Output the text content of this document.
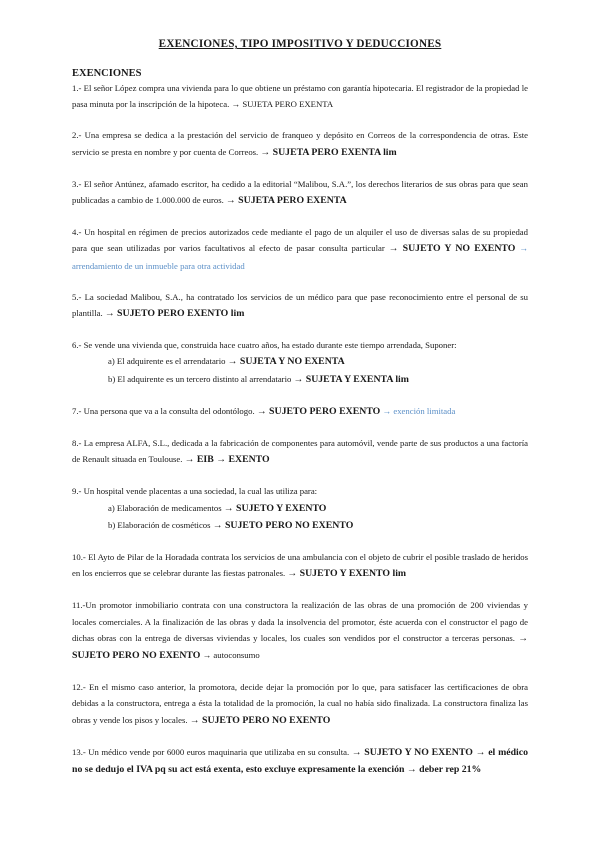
EXENCIONES, TIPO IMPOSITIVO Y DEDUCCIONES
EXENCIONES

1.- El señor López compra una vivienda para lo que obtiene un préstamo con garantía hipotecaria. El registrador de la propiedad le pasa minuta por la inscripción de la hipoteca. → SUJETA PERO EXENTA

2.- Una empresa se dedica a la prestación del servicio de franqueo y depósito en Correos de la correspondencia de otras. Este servicio se presta en nombre y por cuenta de Correos. → SUJETA PERO EXENTA lim

3.- El señor Antúnez, afamado escritor, ha cedido a la editorial “Malibou, S.A.”, los derechos literarios de sus obras para que sean publicadas a cambio de 1.000.000 de euros. → SUJETA PERO EXENTA

4.- Un hospital en régimen de precios autorizados cede mediante el pago de un alquiler el uso de diversas salas de su propiedad para que sean utilizadas por varios facultativos al efecto de pasar consulta particular → SUJETO Y NO EXENTO → arrendamiento de un inmueble para otra actividad

5.- La sociedad Malibou, S.A., ha contratado los servicios de un médico para que pase reconocimiento entre el personal de su plantilla. → SUJETO PERO EXENTO lim

6.- Se vende una vivienda que, construida hace cuatro años, ha estado durante este tiempo arrendada, Suponer:

a) El adquirente es el arrendatario → SUJETA Y NO EXENTA

b) El adquirente es un tercero distinto al arrendatario → SUJETA Y EXENTA lim

7.- Una persona que va a la consulta del odontólogo. → SUJETO PERO EXENTO → exención limitada

8.- La empresa ALFA, S.L., dedicada a la fabricación de componentes para automóvil, vende parte de sus productos a una factoría de Renault situada en Toulouse. → EIB → EXENTO

9.- Un hospital vende placentas a una sociedad, la cual las utiliza para:

a) Elaboración de medicamentos → SUJETO Y EXENTO

b) Elaboración de cosméticos → SUJETO PERO NO EXENTO

10.- El Ayto de Pilar de la Horadada contrata los servicios de una ambulancia con el objeto de cubrir el posible traslado de heridos en los encierros que se celebrar durante las fiestas patronales. → SUJETO Y EXENTO lim

11.-Un promotor inmobiliario contrata con una constructora la realización de las obras de una promoción de 200 viviendas y locales comerciales. A la finalización de las obras y dada la insolvencia del promotor, éste acuerda con el constructor el pago de dichas obras con la entrega de diversas viviendas y locales, los cuales son vendidos por el constructor a terceras personas. → SUJETO PERO NO EXENTO → autoconsumo

12.- En el mismo caso anterior, la promotora, decide dejar la promoción por lo que, para satisfacer las certificaciones de obra debidas a la constructora, entrega a ésta la totalidad de la promoción, la cual no había sido finalizada. La constructora finaliza las obras y vende los pisos y locales. → SUJETO PERO NO EXENTO

13.- Un médico vende por 6000 euros maquinaria que utilizaba en su consulta. → SUJETO Y NO EXENTO → el médico no se dedujo el IVA pq su act está exenta, esto excluye expresamente la exención → deber rep 21%
